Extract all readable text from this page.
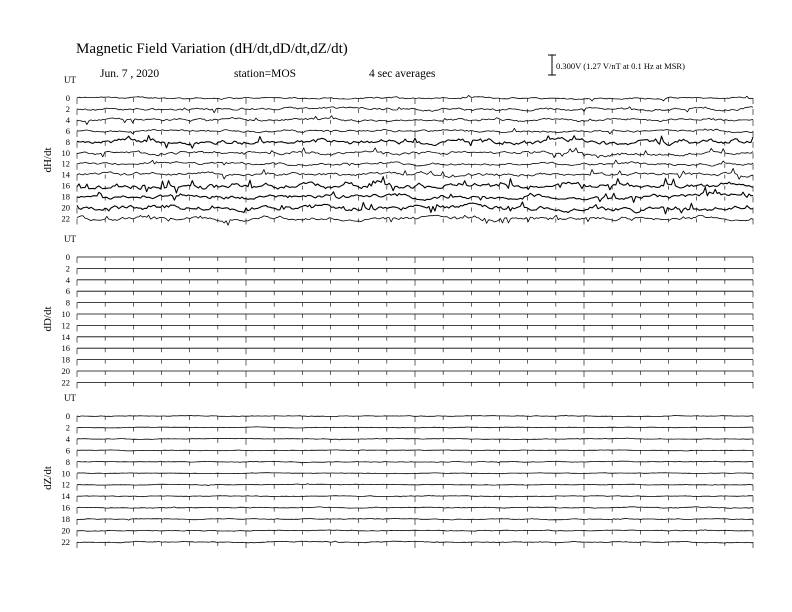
Magnetic Field Variation (dH/dt,dD/dt,dZ/dt)
Jun. 7 , 2020	station=MOS	4 sec averages
0.300V (1.27 V/nT at 0.1 Hz at MSR)
UT
dH/dt
0
2
4
6
8
10
12
14
16
18
20
22
UT
dD/dt
0
2
4
6
8
10
12
14
16
18
20
22
UT
dZ/dt
0
2
4
6
8
10
12
14
16
18
20
22
